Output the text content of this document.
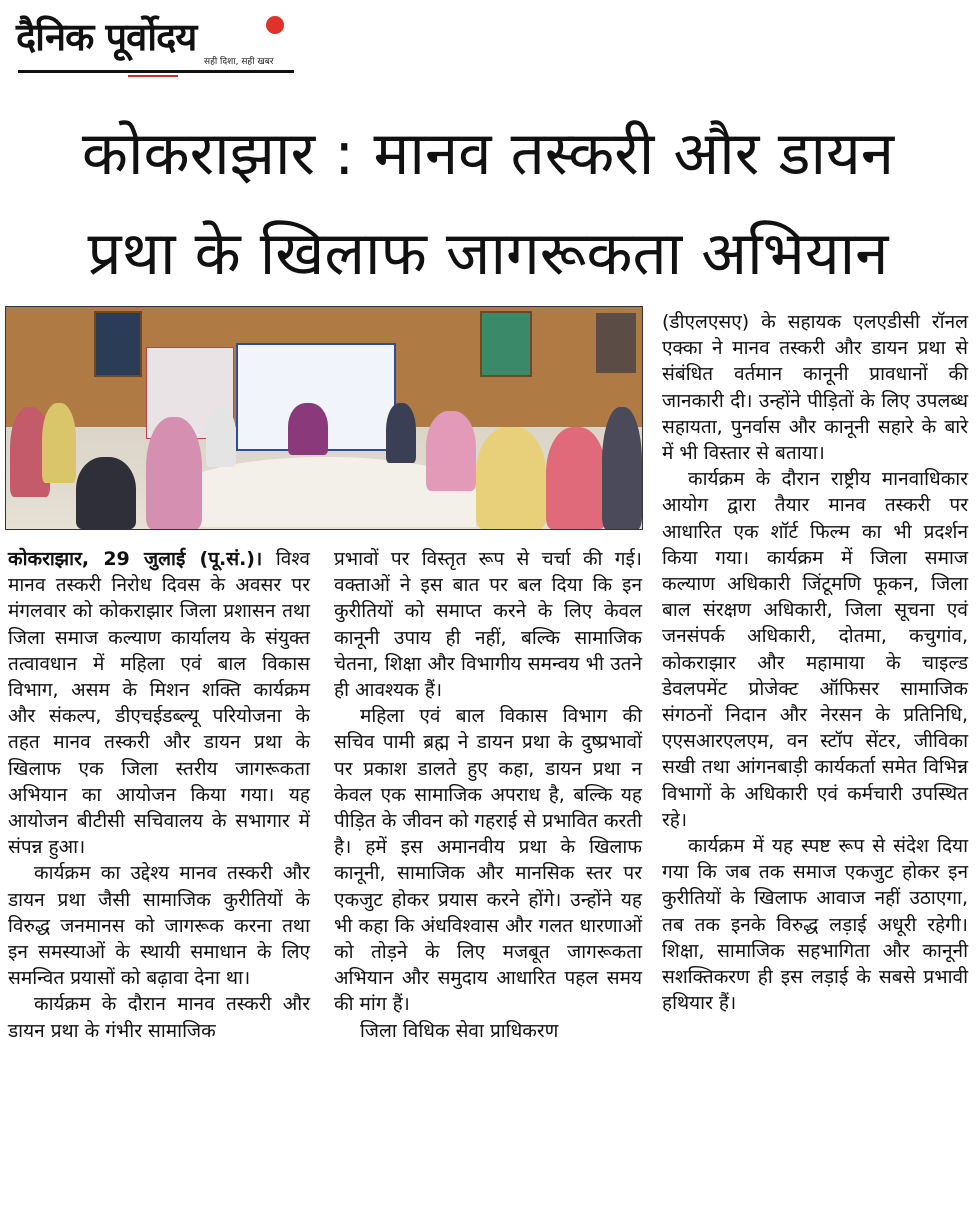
दैनिक पूर्वोदय
सही दिशा, सही खबर
कोकराझार : मानव तस्करी और डायन
प्रथा के खिलाफ जागरूकता अभियान

कोकराझार, 29 जुलाई (पू.सं.)। विश्व मानव तस्करी निरोध दिवस के अवसर पर मंगलवार को कोकराझार जिला प्रशासन तथा जिला समाज कल्याण कार्यालय के संयुक्त तत्वावधान में महिला एवं बाल विकास विभाग, असम के मिशन शक्ति कार्यक्रम और संकल्प, डीएचईडब्ल्यू परियोजना के तहत मानव तस्करी और डायन प्रथा के खिलाफ एक जिला स्तरीय जागरूकता अभियान का आयोजन किया गया। यह आयोजन बीटीसी सचिवालय के सभागार में संपन्न हुआ।

कार्यक्रम का उद्देश्य मानव तस्करी और डायन प्रथा जैसी सामाजिक कुरीतियों के विरुद्ध जनमानस को जागरूक करना तथा इन समस्याओं के स्थायी समाधान के लिए समन्वित प्रयासों को बढ़ावा देना था।

कार्यक्रम के दौरान मानव तस्करी और डायन प्रथा के गंभीर सामाजिक

प्रभावों पर विस्तृत रूप से चर्चा की गई। वक्ताओं ने इस बात पर बल दिया कि इन कुरीतियों को समाप्त करने के लिए केवल कानूनी उपाय ही नहीं, बल्कि सामाजिक चेतना, शिक्षा और विभागीय समन्वय भी उतने ही आवश्यक हैं।

महिला एवं बाल विकास विभाग की सचिव पामी ब्रह्म ने डायन प्रथा के दुष्प्रभावों पर प्रकाश डालते हुए कहा, डायन प्रथा न केवल एक सामाजिक अपराध है, बल्कि यह पीड़ित के जीवन को गहराई से प्रभावित करती है। हमें इस अमानवीय प्रथा के खिलाफ कानूनी, सामाजिक और मानसिक स्तर पर एकजुट होकर प्रयास करने होंगे। उन्होंने यह भी कहा कि अंधविश्वास और गलत धारणाओं को तोड़ने के लिए मजबूत जागरूकता अभियान और समुदाय आधारित पहल समय की मांग हैं।

जिला विधिक सेवा प्राधिकरण

(डीएलएसए) के सहायक एलएडीसी रॉनल एक्का ने मानव तस्करी और डायन प्रथा से संबंधित वर्तमान कानूनी प्रावधानों की जानकारी दी। उन्होंने पीड़ितों के लिए उपलब्ध सहायता, पुनर्वास और कानूनी सहारे के बारे में भी विस्तार से बताया।

कार्यक्रम के दौरान राष्ट्रीय मानवाधिकार आयोग द्वारा तैयार मानव तस्करी पर आधारित एक शॉर्ट फिल्म का भी प्रदर्शन किया गया। कार्यक्रम में जिला समाज कल्याण अधिकारी जिंटूमणि फूकन, जिला बाल संरक्षण अधिकारी, जिला सूचना एवं जनसंपर्क अधिकारी, दोतमा, कचुगांव, कोकराझार और महामाया के चाइल्ड डेवलपमेंट प्रोजेक्ट ऑफिसर सामाजिक संगठनों निदान और नेरसन के प्रतिनिधि, एएसआरएलएम, वन स्टॉप सेंटर, जीविका सखी तथा आंगनबाड़ी कार्यकर्ता समेत विभिन्न विभागों के अधिकारी एवं कर्मचारी उपस्थित रहे।

कार्यक्रम में यह स्पष्ट रूप से संदेश दिया गया कि जब तक समाज एकजुट होकर इन कुरीतियों के खिलाफ आवाज नहीं उठाएगा, तब तक इनके विरुद्ध लड़ाई अधूरी रहेगी। शिक्षा, सामाजिक सहभागिता और कानूनी सशक्तिकरण ही इस लड़ाई के सबसे प्रभावी हथियार हैं।
